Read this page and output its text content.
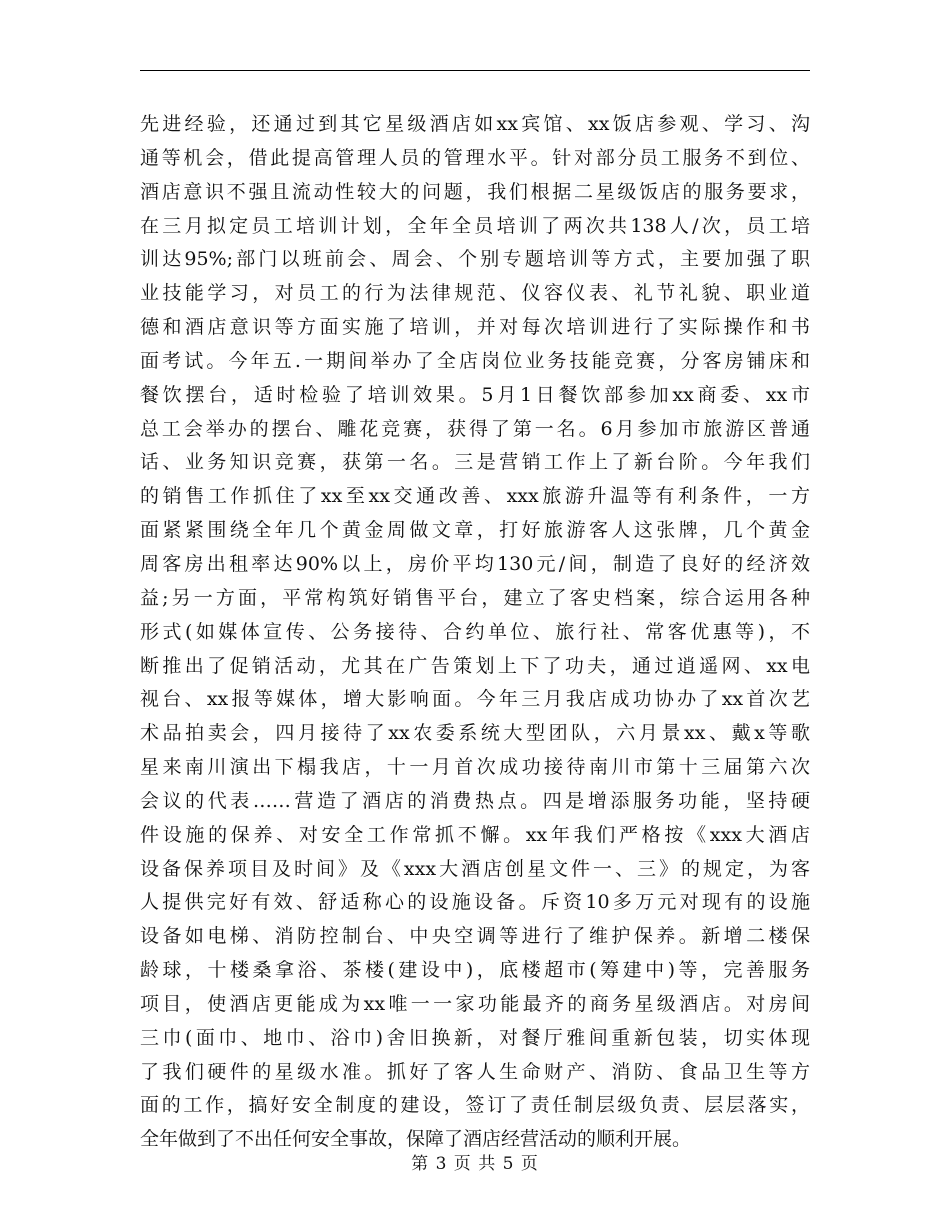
先进经验，还通过到其它星级酒店如xx宾馆、xx饭店参观、学习、沟
通等机会，借此提高管理人员的管理水平。针对部分员工服务不到位、
酒店意识不强且流动性较大的问题，我们根据二星级饭店的服务要求，
在三月拟定员工培训计划，全年全员培训了两次共138人/次，员工培
训达95%;部门以班前会、周会、个别专题培训等方式，主要加强了职
业技能学习，对员工的行为法律规范、仪容仪表、礼节礼貌、职业道
德和酒店意识等方面实施了培训，并对每次培训进行了实际操作和书
面考试。今年五.一期间举办了全店岗位业务技能竞赛，分客房铺床和
餐饮摆台，适时检验了培训效果。5月1日餐饮部参加xx商委、xx市
总工会举办的摆台、雕花竞赛，获得了第一名。6月参加市旅游区普通
话、业务知识竞赛，获第一名。三是营销工作上了新台阶。今年我们
的销售工作抓住了xx至xx交通改善、xxx旅游升温等有利条件，一方
面紧紧围绕全年几个黄金周做文章，打好旅游客人这张牌，几个黄金
周客房出租率达90%以上，房价平均130元/间，制造了良好的经济效
益;另一方面，平常构筑好销售平台，建立了客史档案，综合运用各种
形式(如媒体宣传、公务接待、合约单位、旅行社、常客优惠等)，不
断推出了促销活动，尤其在广告策划上下了功夫，通过逍遥网、xx电
视台、xx报等媒体，增大影响面。今年三月我店成功协办了xx首次艺
术品拍卖会，四月接待了xx农委系统大型团队，六月景xx、戴x等歌
星来南川演出下榻我店，十一月首次成功接待南川市第十三届第六次
会议的代表……营造了酒店的消费热点。四是增添服务功能，坚持硬
件设施的保养、对安全工作常抓不懈。xx年我们严格按《xxx大酒店
设备保养项目及时间》及《xxx大酒店创星文件一、三》的规定，为客
人提供完好有效、舒适称心的设施设备。斥资10多万元对现有的设施
设备如电梯、消防控制台、中央空调等进行了维护保养。新增二楼保
龄球，十楼桑拿浴、茶楼(建设中)，底楼超市(筹建中)等，完善服务
项目，使酒店更能成为xx唯一一家功能最齐的商务星级酒店。对房间
三巾(面巾、地巾、浴巾)舍旧换新，对餐厅雅间重新包装，切实体现
了我们硬件的星级水准。抓好了客人生命财产、消防、食品卫生等方
面的工作，搞好安全制度的建设，签订了责任制层级负责、层层落实，
全年做到了不出任何安全事故，保障了酒店经营活动的顺利开展。
第 3 页 共 5 页
